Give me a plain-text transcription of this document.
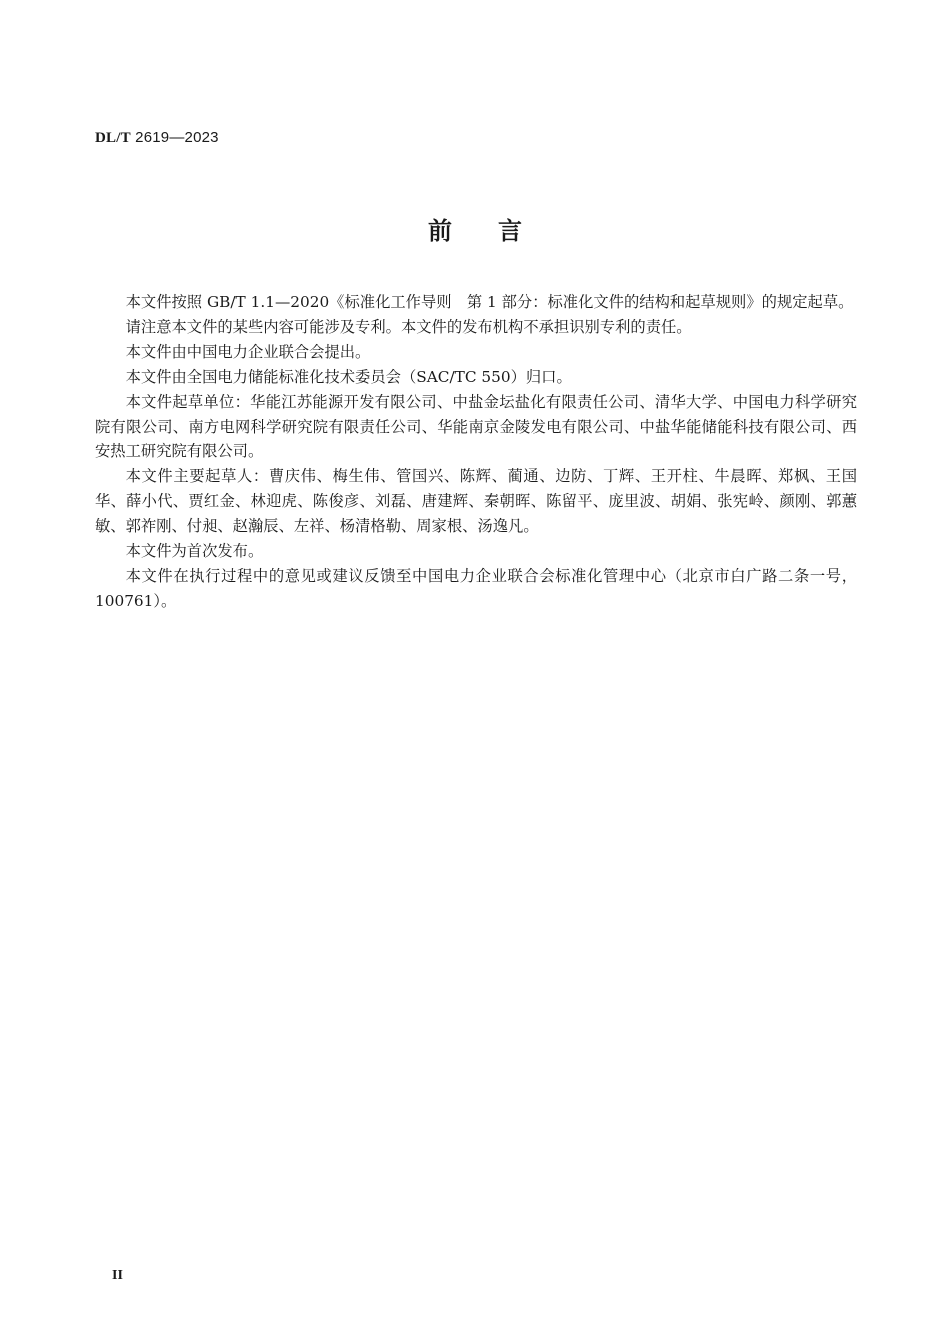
DL/T 2619—2023
前言

本文件按照 GB/T 1.1—2020《标准化工作导则　第 1 部分：标准化文件的结构和起草规则》的规定起草。

请注意本文件的某些内容可能涉及专利。本文件的发布机构不承担识别专利的责任。

本文件由中国电力企业联合会提出。

本文件由全国电力储能标准化技术委员会（SAC/TC 550）归口。

本文件起草单位：华能江苏能源开发有限公司、中盐金坛盐化有限责任公司、清华大学、中国电力科学研究院有限公司、南方电网科学研究院有限责任公司、华能南京金陵发电有限公司、中盐华能储能科技有限公司、西安热工研究院有限公司。

本文件主要起草人：曹庆伟、梅生伟、管国兴、陈辉、蔺通、边防、丁辉、王开柱、牛晨晖、郑枫、王国华、薛小代、贾红金、林迎虎、陈俊彦、刘磊、唐建辉、秦朝晖、陈留平、庞里波、胡娟、张宪岭、颜刚、郭蕙敏、郭祚刚、付昶、赵瀚辰、左祥、杨清格勒、周家根、汤逸凡。

本文件为首次发布。

本文件在执行过程中的意见或建议反馈至中国电力企业联合会标准化管理中心（北京市白广路二条一号，100761）。

II
